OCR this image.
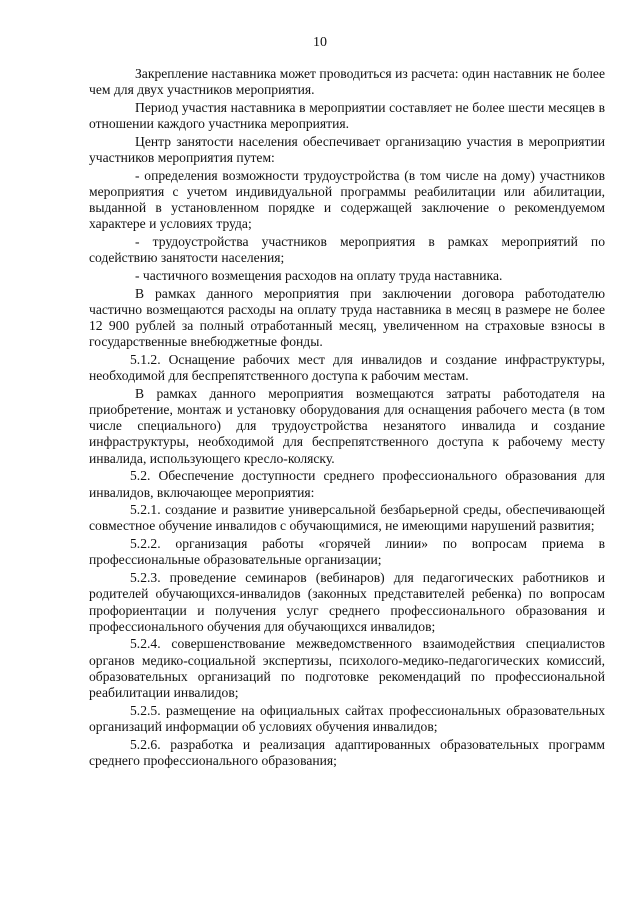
10

Закрепление наставника может проводиться из расчета: один наставник не более чем для двух участников мероприятия.

Период участия наставника в мероприятии составляет не более шести месяцев в отношении каждого участника мероприятия.

Центр занятости населения обеспечивает организацию участия в мероприятии участников мероприятия путем:

- определения возможности трудоустройства (в том числе на дому) участников мероприятия с учетом индивидуальной программы реабилитации или абилитации, выданной в установленном порядке и содержащей заключение о рекомендуемом характере и условиях труда;

- трудоустройства участников мероприятия в рамках мероприятий по содействию занятости населения;

- частичного возмещения расходов на оплату труда наставника.

В рамках данного мероприятия при заключении договора работодателю частично возмещаются расходы на оплату труда наставника в месяц в размере не более 12 900 рублей за полный отработанный месяц, увеличенном на страховые взносы в государственные внебюджетные фонды.

5.1.2. Оснащение рабочих мест для инвалидов и создание инфраструктуры, необходимой для беспрепятственного доступа к рабочим местам.

В рамках данного мероприятия возмещаются затраты работодателя на приобретение, монтаж и установку оборудования для оснащения рабочего места (в том числе специального) для трудоустройства незанятого инвалида и создание инфраструктуры, необходимой для беспрепятственного доступа к рабочему месту инвалида, использующего кресло-коляску.

5.2. Обеспечение доступности среднего профессионального образования для инвалидов, включающее мероприятия:

5.2.1. создание и развитие универсальной безбарьерной среды, обеспечивающей совместное обучение инвалидов с обучающимися, не имеющими нарушений развития;

5.2.2. организация работы «горячей линии» по вопросам приема в профессиональные образовательные организации;

5.2.3. проведение семинаров (вебинаров) для педагогических работников и родителей обучающихся-инвалидов (законных представителей ребенка) по вопросам профориентации и получения услуг среднего профессионального образования и профессионального обучения для обучающихся инвалидов;

5.2.4. совершенствование межведомственного взаимодействия специалистов органов медико-социальной экспертизы, психолого-медико-педагогических комиссий, образовательных организаций по подготовке рекомендаций по профессиональной реабилитации инвалидов;

5.2.5. размещение на официальных сайтах профессиональных образовательных организаций информации об условиях обучения инвалидов;

5.2.6. разработка и реализация адаптированных образовательных программ среднего профессионального образования;
